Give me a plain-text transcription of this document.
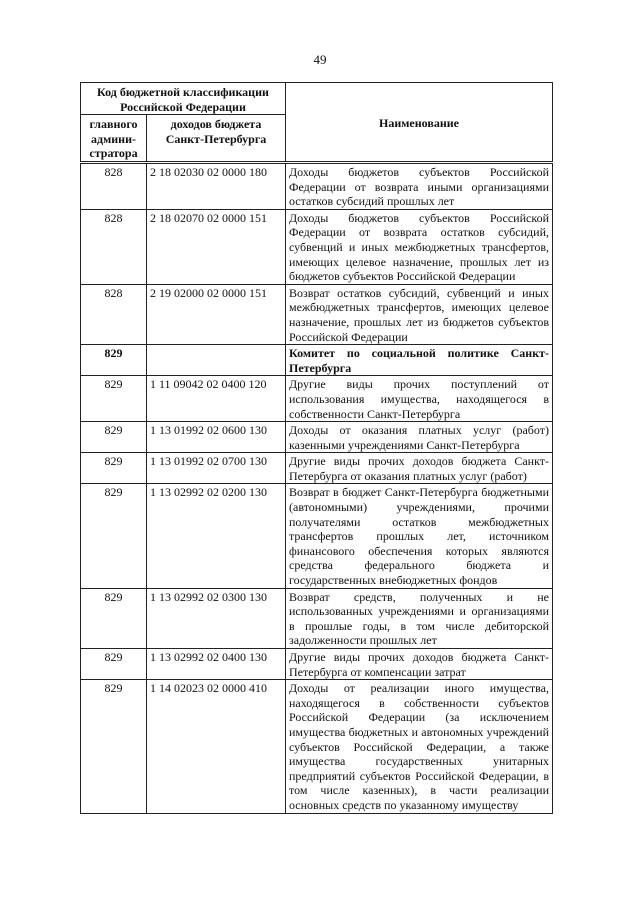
49
Код бюджетной классификации Российской Федерации		Наименование
главного админи-стратора	доходов бюджета Санкт-Петербурга	
828	2 18 02030 02 0000 180	Доходы бюджетов субъектов Российской Федерации от возврата иными организациями остатков субсидий прошлых лет
828	2 18 02070 02 0000 151	Доходы бюджетов субъектов Российской Федерации от возврата остатков субсидий, субвенций и иных межбюджетных трансфертов, имеющих целевое назначение, прошлых лет из бюджетов субъектов Российской Федерации
828	2 19 02000 02 0000 151	Возврат остатков субсидий, субвенций и иных межбюджетных трансфертов, имеющих целевое назначение, прошлых лет из бюджетов субъектов Российской Федерации
829		Комитет по социальной политике Санкт-Петербурга
829	1 11 09042 02 0400 120	Другие виды прочих поступлений от использования имущества, находящегося в собственности Санкт-Петербурга
829	1 13 01992 02 0600 130	Доходы от оказания платных услуг (работ) казенными учреждениями Санкт-Петербурга
829	1 13 01992 02 0700 130	Другие виды прочих доходов бюджета Санкт-Петербурга от оказания платных услуг (работ)
829	1 13 02992 02 0200 130	Возврат в бюджет Санкт-Петербурга бюджетными (автономными) учреждениями, прочими получателями остатков межбюджетных трансфертов прошлых лет, источником финансового обеспечения которых являются средства федерального бюджета и государственных внебюджетных фондов
829	1 13 02992 02 0300 130	Возврат средств, полученных и не использованных учреждениями и организациями в прошлые годы, в том числе дебиторской задолженности прошлых лет
829	1 13 02992 02 0400 130	Другие виды прочих доходов бюджета Санкт-Петербурга от компенсации затрат
829	1 14 02023 02 0000 410	Доходы от реализации иного имущества, находящегося в собственности субъектов Российской Федерации (за исключением имущества бюджетных и автономных учреждений субъектов Российской Федерации, а также имущества государственных унитарных предприятий субъектов Российской Федерации, в том числе казенных), в части реализации основных средств по указанному имуществу
